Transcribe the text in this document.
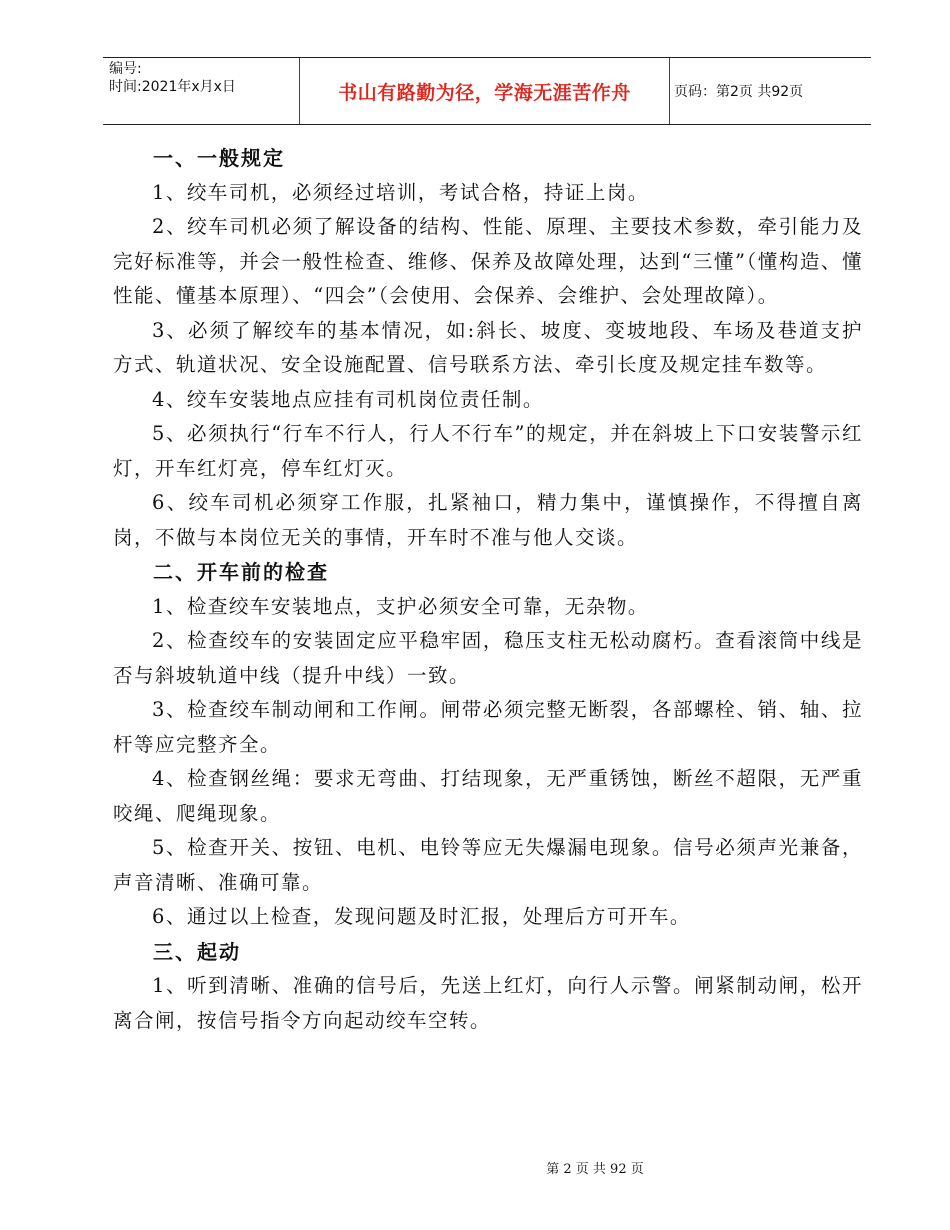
编号:
时间:2021年x月x日	书山有路勤为径，学海无涯苦作舟	页码：第2页 共92页
一、一般规定

1、绞车司机，必须经过培训，考试合格，持证上岗。

2、绞车司机必须了解设备的结构、性能、原理、主要技术参数，牵引能力及完好标准等，并会一般性检查、维修、保养及故障处理，达到“三懂”（懂构造、懂性能、懂基本原理）、“四会”（会使用、会保养、会维护、会处理故障）。

3、必须了解绞车的基本情况，如:斜长、坡度、变坡地段、车场及巷道支护方式、轨道状况、安全设施配置、信号联系方法、牵引长度及规定挂车数等。

4、绞车安装地点应挂有司机岗位责任制。

5、必须执行“行车不行人，行人不行车”的规定，并在斜坡上下口安装警示红灯，开车红灯亮，停车红灯灭。

6、绞车司机必须穿工作服，扎紧袖口，精力集中，谨慎操作，不得擅自离岗，不做与本岗位无关的事情，开车时不准与他人交谈。

二、开车前的检查

1、检查绞车安装地点，支护必须安全可靠，无杂物。

2、检查绞车的安装固定应平稳牢固，稳压支柱无松动腐朽。查看滚筒中线是否与斜坡轨道中线（提升中线）一致。

3、检查绞车制动闸和工作闸。闸带必须完整无断裂，各部螺栓、销、轴、拉杆等应完整齐全。

4、检查钢丝绳：要求无弯曲、打结现象，无严重锈蚀，断丝不超限，无严重咬绳、爬绳现象。

5、检查开关、按钮、电机、电铃等应无失爆漏电现象。信号必须声光兼备，声音清晰、准确可靠。

6、通过以上检查，发现问题及时汇报，处理后方可开车。

三、起动

1、听到清晰、准确的信号后，先送上红灯，向行人示警。闸紧制动闸，松开离合闸，按信号指令方向起动绞车空转。

第 2 页 共 92 页
